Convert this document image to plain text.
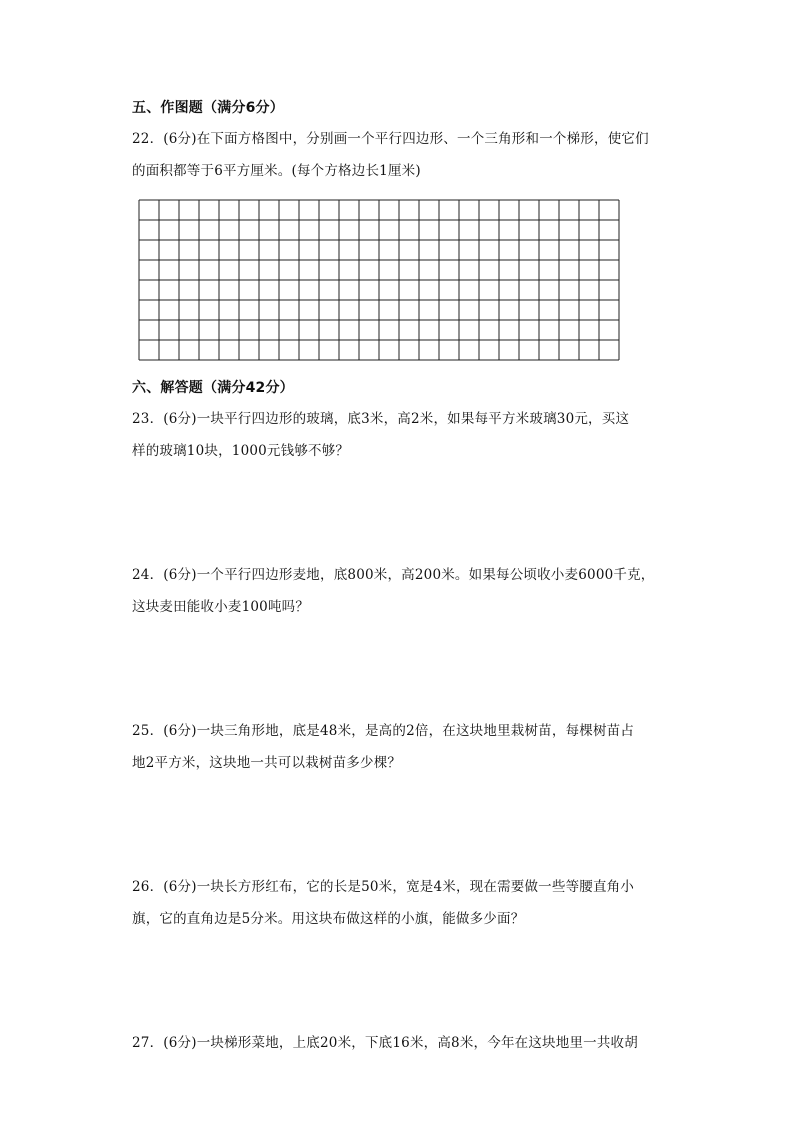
五、作图题（满分6分）
22．(6分)在下面方格图中，分别画一个平行四边形、一个三角形和一个梯形，使它们
的面积都等于6平方厘米。(每个方格边长1厘米)
六、解答题（满分42分）
23．(6分)一块平行四边形的玻璃，底3米，高2米，如果每平方米玻璃30元，买这
样的玻璃10块，1000元钱够不够？
24．(6分)一个平行四边形麦地，底800米，高200米。如果每公顷收小麦6000千克，
这块麦田能收小麦100吨吗？
25．(6分)一块三角形地，底是48米，是高的2倍，在这块地里栽树苗，每棵树苗占
地2平方米，这块地一共可以栽树苗多少棵？
26．(6分)一块长方形红布，它的长是50米，宽是4米，现在需要做一些等腰直角小
旗，它的直角边是5分米。用这块布做这样的小旗，能做多少面？
27．(6分)一块梯形菜地，上底20米，下底16米，高8米，今年在这块地里一共收胡
